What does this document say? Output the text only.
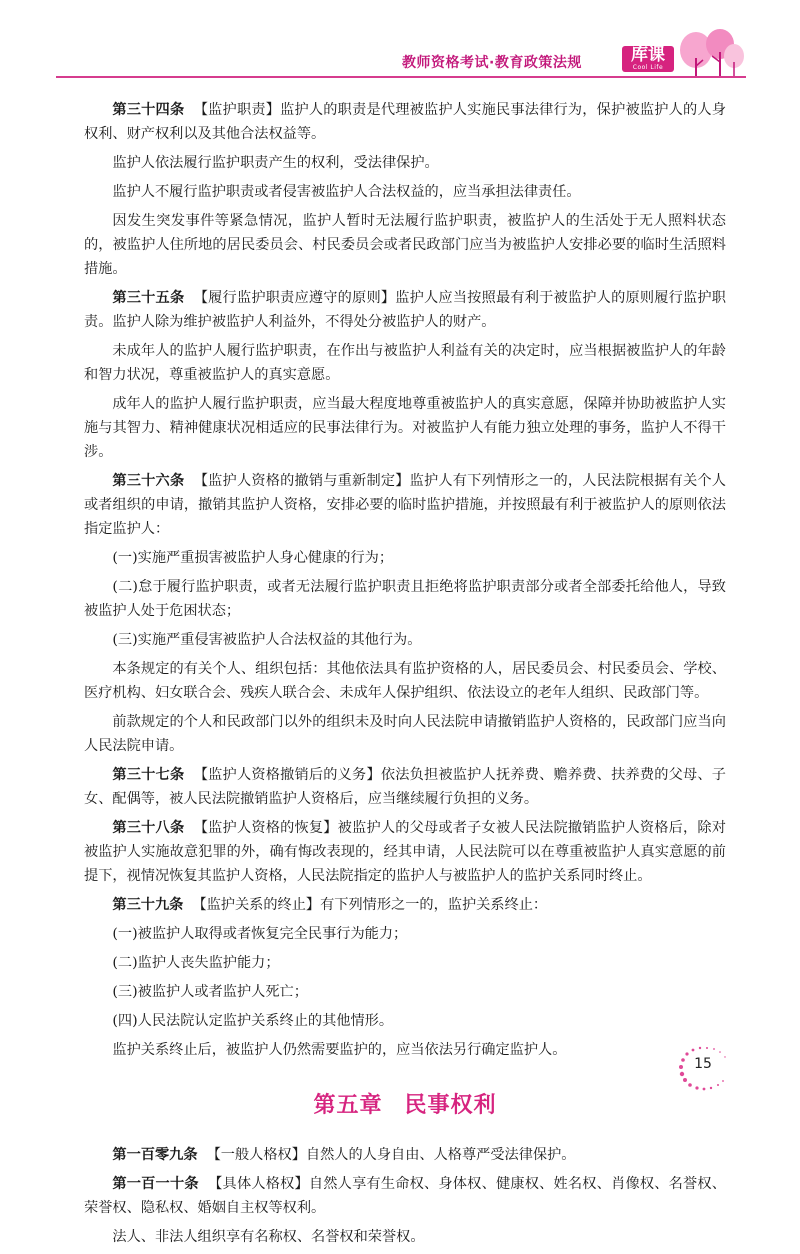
教师资格考试·教育政策法规	库课
Cool Life

第三十四条 【监护职责】监护人的职责是代理被监护人实施民事法律行为，保护被监护人的人身权利、财产权利以及其他合法权益等。

监护人依法履行监护职责产生的权利，受法律保护。

监护人不履行监护职责或者侵害被监护人合法权益的，应当承担法律责任。

因发生突发事件等紧急情况，监护人暂时无法履行监护职责，被监护人的生活处于无人照料状态的，被监护人住所地的居民委员会、村民委员会或者民政部门应当为被监护人安排必要的临时生活照料措施。

第三十五条 【履行监护职责应遵守的原则】监护人应当按照最有利于被监护人的原则履行监护职责。监护人除为维护被监护人利益外，不得处分被监护人的财产。

未成年人的监护人履行监护职责，在作出与被监护人利益有关的决定时，应当根据被监护人的年龄和智力状况，尊重被监护人的真实意愿。

成年人的监护人履行监护职责，应当最大程度地尊重被监护人的真实意愿，保障并协助被监护人实施与其智力、精神健康状况相适应的民事法律行为。对被监护人有能力独立处理的事务，监护人不得干涉。

第三十六条 【监护人资格的撤销与重新制定】监护人有下列情形之一的，人民法院根据有关个人或者组织的申请，撤销其监护人资格，安排必要的临时监护措施，并按照最有利于被监护人的原则依法指定监护人：

(一)实施严重损害被监护人身心健康的行为；

(二)怠于履行监护职责，或者无法履行监护职责且拒绝将监护职责部分或者全部委托给他人，导致被监护人处于危困状态；

(三)实施严重侵害被监护人合法权益的其他行为。

本条规定的有关个人、组织包括：其他依法具有监护资格的人，居民委员会、村民委员会、学校、医疗机构、妇女联合会、残疾人联合会、未成年人保护组织、依法设立的老年人组织、民政部门等。

前款规定的个人和民政部门以外的组织未及时向人民法院申请撤销监护人资格的，民政部门应当向人民法院申请。

第三十七条 【监护人资格撤销后的义务】依法负担被监护人抚养费、赡养费、扶养费的父母、子女、配偶等，被人民法院撤销监护人资格后，应当继续履行负担的义务。

第三十八条 【监护人资格的恢复】被监护人的父母或者子女被人民法院撤销监护人资格后，除对被监护人实施故意犯罪的外，确有悔改表现的，经其申请，人民法院可以在尊重被监护人真实意愿的前提下，视情况恢复其监护人资格，人民法院指定的监护人与被监护人的监护关系同时终止。

第三十九条 【监护关系的终止】有下列情形之一的，监护关系终止：

(一)被监护人取得或者恢复完全民事行为能力；

(二)监护人丧失监护能力；

(三)被监护人或者监护人死亡；

(四)人民法院认定监护关系终止的其他情形。

监护关系终止后，被监护人仍然需要监护的，应当依法另行确定监护人。

第五章 民事权利

第一百零九条 【一般人格权】自然人的人身自由、人格尊严受法律保护。

第一百一十条 【具体人格权】自然人享有生命权、身体权、健康权、姓名权、肖像权、名誉权、荣誉权、隐私权、婚姻自主权等权利。

法人、非法人组织享有名称权、名誉权和荣誉权。

15
